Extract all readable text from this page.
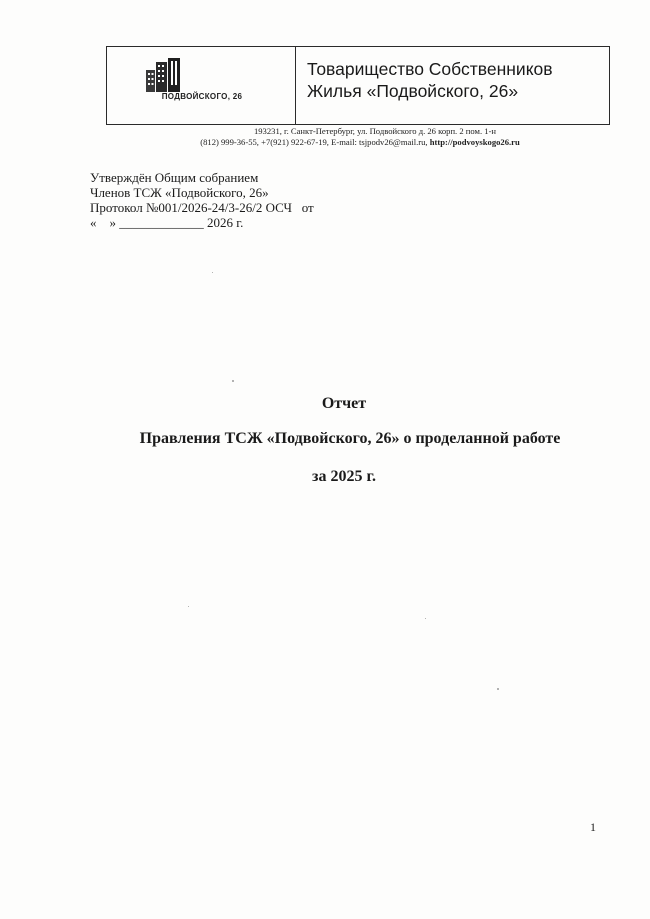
ПОДВОЙСКОГО, 26
Товарищество Собственников
Жилья «Подвойского, 26»
193231, г. Санкт-Петербург, ул. Подвойского д. 26 корп. 2 пом. 1-н
(812) 999-36-55, +7(921) 922-67-19, E-mail: tsjpodv26@mail.ru, http://podvoyskogo26.ru
Утверждён Общим собранием
Членов ТСЖ «Подвойского, 26»
Протокол №001/2026-24/3-26/2 ОСЧ   от
«    » _____________ 2026 г.
Отчет
Правления ТСЖ «Подвойского, 26» о проделанной работе
за 2025 г.
1
